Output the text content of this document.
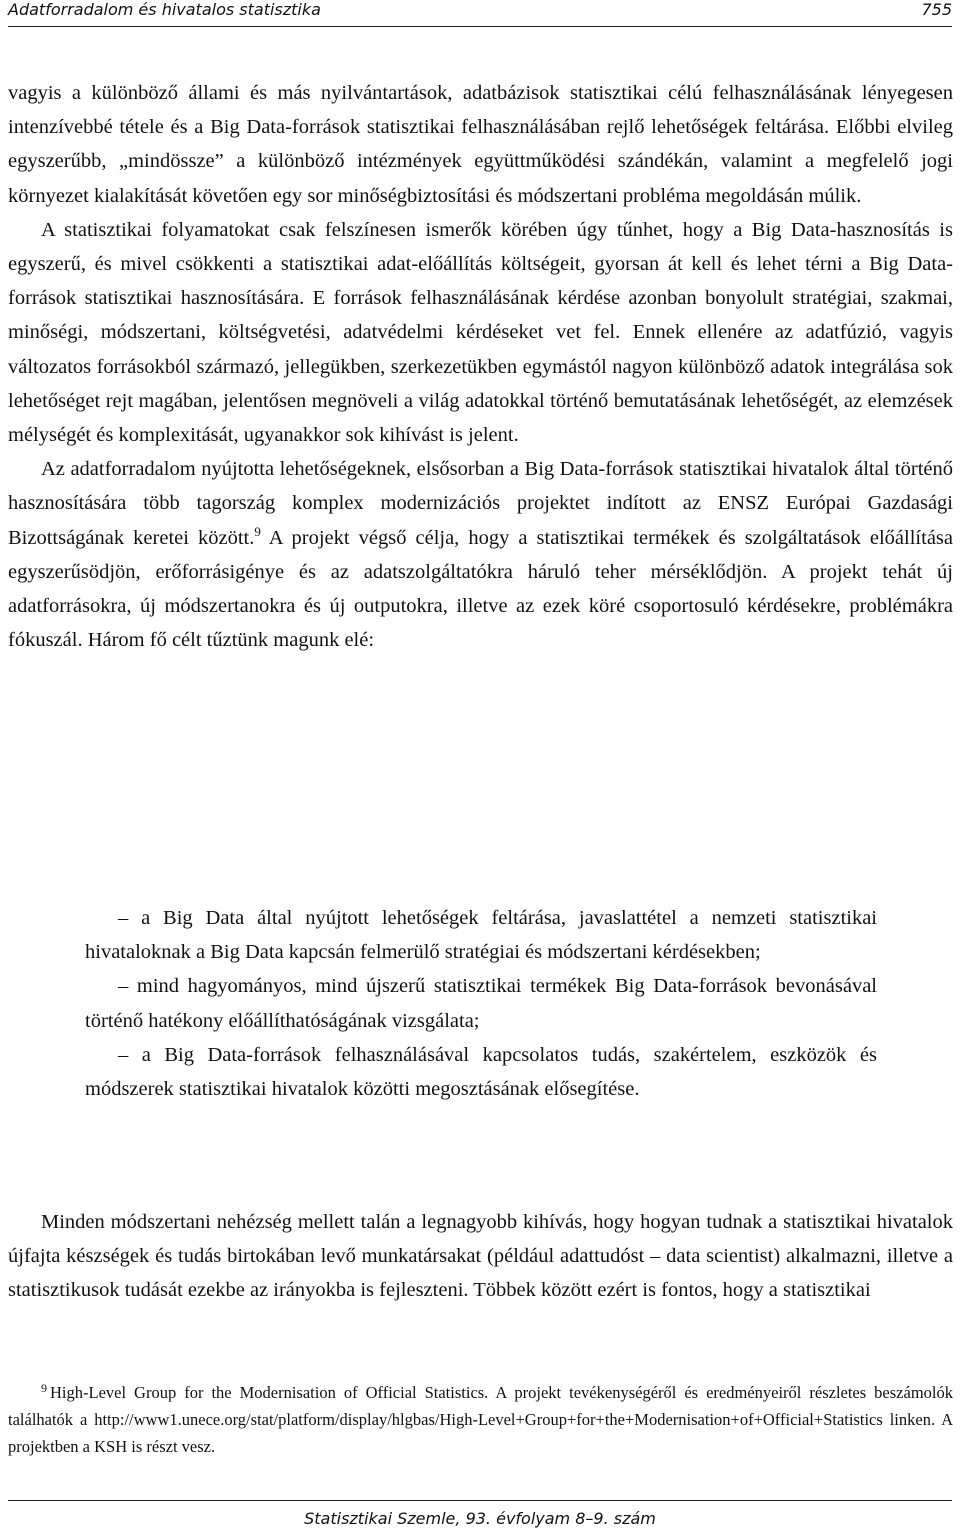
Adatforradalom és hivatalos statisztika	755

vagyis a különböző állami és más nyilvántartások, adatbázisok statisztikai célú felhasználásának lényegesen intenzívebbé tétele és a Big Data-források statisztikai felhasználásában rejlő lehetőségek feltárása. Előbbi elvileg egyszerűbb, „mindössze” a különböző intézmények együttműködési szándékán, valamint a megfelelő jogi környezet kialakítását követően egy sor minőségbiztosítási és módszertani probléma megoldásán múlik.

A statisztikai folyamatokat csak felszínesen ismerők körében úgy tűnhet, hogy a Big Data-hasznosítás is egyszerű, és mivel csökkenti a statisztikai adat-előállítás költségeit, gyorsan át kell és lehet térni a Big Data-források statisztikai hasznosítására. E források felhasználásának kérdése azonban bonyolult stratégiai, szakmai, minőségi, módszertani, költségvetési, adatvédelmi kérdéseket vet fel. Ennek ellenére az adatfúzió, vagyis változatos forrásokból származó, jellegükben, szerkezetükben egymástól nagyon különböző adatok integrálása sok lehetőséget rejt magában, jelentősen megnöveli a világ adatokkal történő bemutatásának lehetőségét, az elemzések mélységét és komplexitását, ugyanakkor sok kihívást is jelent.

Az adatforradalom nyújtotta lehetőségeknek, elsősorban a Big Data-források statisztikai hivatalok által történő hasznosítására több tagország komplex modernizációs projektet indított az ENSZ Európai Gazdasági Bizottságának keretei között.$^9$ A projekt végső célja, hogy a statisztikai termékek és szolgáltatások előállítása egyszerűsödjön, erőforrásigénye és az adatszolgáltatókra háruló teher mérséklődjön. A projekt tehát új adatforrásokra, új módszertanokra és új outputokra, illetve az ezek köré csoportosuló kérdésekre, problémákra fókuszál. Három fő célt tűztünk magunk elé:

– a Big Data által nyújtott lehetőségek feltárása, javaslattétel a nemzeti statisztikai hivataloknak a Big Data kapcsán felmerülő stratégiai és módszertani kérdésekben;

– mind hagyományos, mind újszerű statisztikai termékek Big Data-források bevonásával történő hatékony előállíthatóságának vizsgálata;

– a Big Data-források felhasználásával kapcsolatos tudás, szakértelem, eszközök és módszerek statisztikai hivatalok közötti megosztásának elősegítése.

Minden módszertani nehézség mellett talán a legnagyobb kihívás, hogy hogyan tudnak a statisztikai hivatalok újfajta készségek és tudás birtokában levő munkatársakat (például adattudóst – data scientist) alkalmazni, illetve a statisztikusok tudását ezekbe az irányokba is fejleszteni. Többek között ezért is fontos, hogy a statisztikai

$^9$ High-Level Group for the Modernisation of Official Statistics. A projekt tevékenységéről és eredményeiről részletes beszámolók találhatók a http://www1.unece.org/stat/platform/display/hlgbas/High-Level+Group+for+the+Modernisation+of+Official+Statistics linken. A projektben a KSH is részt vesz.

Statisztikai Szemle, 93. évfolyam 8–9. szám
